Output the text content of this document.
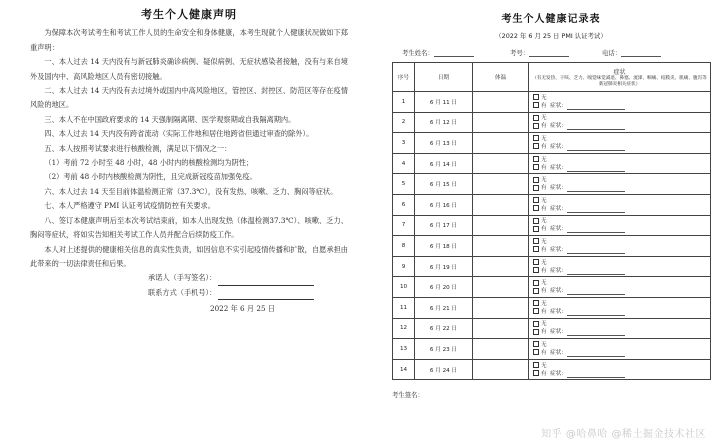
考生个人健康声明

为保障本次考试考生和考试工作人员的生命安全和身体健康，本考生现就个人健康状况做如下郑重声明：

一、本人过去 14 天内没有与新冠肺炎确诊病例、疑似病例、无症状感染者接触，没有与来自境外及国内中、高风险地区人员有密切接触。

二、本人过去 14 天内没有去过境外或国内中高风险地区，管控区、封控区、防范区等存在疫情风险的地区。

三、本人不在中国政府要求的 14 天强制隔离期、医学观察期或自我隔离期内。

四、本人过去 14 天内没有跨省流动（实际工作地和居住地跨省但通过审查的除外）。

五、本人按照考试要求进行核酸检测，满足以下情况之一：

（1）考前 72 小时至 48 小时，48 小时内的核酸检测均为阴性；

（2）考前 48 小时内核酸检测为阴性，且完成新冠疫苗加强免疫。

六、本人过去 14 天至目前体温检测正常（37.3℃），没有发热、咳嗽、乏力、胸闷等症状。

七、本人严格遵守 PMI 认证考试疫情防控有关要求。

八、签订本健康声明后至本次考试结束前，如本人出现发热（体温检测37.3℃）、咳嗽、乏力、胸闷等症状，将如实告知相关考试工作人员并配合后续防疫工作。

本人对上述提供的健康相关信息的真实性负责，如因信息不实引起疫情传播和扩散，自愿承担由此带来的一切法律责任和后果。

承诺人（手写签名）：

联系方式（手机号）：

2022 年 6 月 25 日

考生个人健康记录表
（2022 年 6 月 25 日 PMI 认证考试）
考生姓名：	考号：	电话：
序号	日期	体温	症状
（有无发热、干咳、乏力、嗅觉味觉减退、鼻塞、流涕、咽痛、结膜炎、肌痛、腹泻等新冠肺炎相关症状）

1	6 月 11 日		无
有 症状：

2	6 月 12 日		无
有 症状：

3	6 月 13 日		无
有 症状：

4	6 月 14 日		无
有 症状：

5	6 月 15 日		无
有 症状：

6	6 月 16 日		无
有 症状：

7	6 月 17 日		无
有 症状：

8	6 月 18 日		无
有 症状：

9	6 月 19 日		无
有 症状：

10	6 月 20 日		无
有 症状：

11	6 月 21 日		无
有 症状：

12	6 月 22 日		无
有 症状：

13	6 月 23 日		无
有 症状：

14	6 月 24 日		无
有 症状：
考生签名：
知乎 @哈鼻哈 @稀土掘金技术社区
